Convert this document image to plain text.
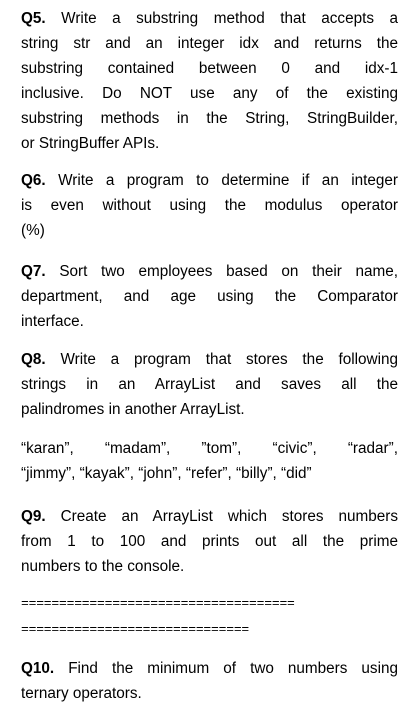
Q5. Write a substring method that accepts a
string str and an integer idx and returns the
substring contained between 0 and idx-1
inclusive. Do NOT use any of the existing
substring methods in the String, StringBuilder,
or StringBuffer APIs.
Q6. Write a program to determine if an integer
is even without using the modulus operator
(%)
Q7. Sort two employees based on their name,
department, and age using the Comparator
interface.
Q8. Write a program that stores the following
strings in an ArrayList and saves all the
palindromes in another ArrayList.
“karan”, “madam”, ”tom”, “civic”, “radar”,
“jimmy”, “kayak”, “john”, “refer”, “billy”, “did”
Q9. Create an ArrayList which stores numbers
from 1 to 100 and prints out all the prime
numbers to the console.
====================================
==============================
Q10. Find the minimum of two numbers using
ternary operators.
